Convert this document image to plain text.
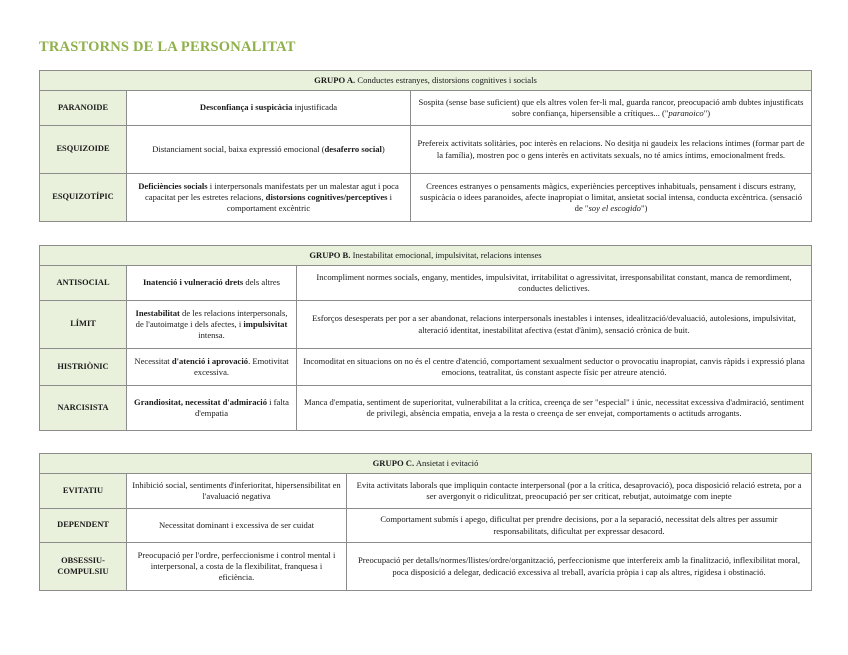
TRASTORNS DE LA PERSONALITAT
GRUPO A. Conductes estranyes, distorsions cognitives i socials		
PARANOIDE	Desconfiança i suspicàcia injustificada	Sospita (sense base suficient) que els altres volen fer-li mal, guarda rancor, preocupació amb dubtes injustificats sobre confiança, hipersensible a crítiques... ("paranoico")
ESQUIZOIDE	Distanciament social, baixa expressió emocional (desaferro social)	Prefereix activitats solitàries, poc interès en relacions. No desitja ni gaudeix les relacions íntimes (formar part de la família), mostren poc o gens interès en activitats sexuals, no té amics íntims, emocionalment freds.
ESQUIZOTÍPIC	Deficiències socials i interpersonals manifestats per un malestar agut i poca capacitat per les estretes relacions, distorsions cognitives/perceptives i comportament excèntric	Creences estranyes o pensaments màgics, experiències perceptives inhabituals, pensament i discurs estrany, suspicàcia o idees paranoides, afecte inapropiat o limitat, ansietat social intensa, conducta excèntrica. (sensació de "soy el escogido")
GRUPO B. Inestabilitat emocional, impulsivitat, relacions intenses		
ANTISOCIAL	Inatenció i vulneració drets dels altres	Incompliment normes socials, engany, mentides, impulsivitat, irritabilitat o agressivitat, irresponsabilitat constant, manca de remordiment, conductes delictives.
LÍMIT	Inestabilitat de les relacions interpersonals, de l'autoimatge i dels afectes, i impulsivitat intensa.	Esforços desesperats per por a ser abandonat, relacions interpersonals inestables i intenses, idealització/devaluació, autolesions, impulsivitat, alteració identitat, inestabilitat afectiva (estat d'ànim), sensació crònica de buit.
HISTRIÒNIC	Necessitat d'atenció i aprovació. Emotivitat excessiva.	Incomoditat en situacions on no és el centre d'atenció, comportament sexualment seductor o provocatiu inapropiat, canvis ràpids i expressió plana emocions, teatralitat, ús constant aspecte físic per atreure atenció.
NARCISISTA	Grandiositat, necessitat d'admiració i falta d'empatia	Manca d'empatia, sentiment de superioritat, vulnerabilitat a la crítica, creença de ser "especial" i únic, necessitat excessiva d'admiració, sentiment de privilegi, absència empatia, enveja a la resta o creença de ser envejat, comportaments o actituds arrogants.
GRUPO C. Ansietat i evitació		
EVITATIU	Inhibició social, sentiments d'inferioritat, hipersensibilitat en l'avaluació negativa	Evita activitats laborals que impliquin contacte interpersonal (por a la crítica, desaprovació), poca disposició relació estreta, por a ser avergonyit o ridiculitzat, preocupació per ser criticat, rebutjat, autoimatge com inepte
DEPENDENT	Necessitat dominant i excessiva de ser cuidat	Comportament submís i apego, dificultat per prendre decisions, por a la separació, necessitat dels altres per assumir responsabilitats, dificultat per expressar desacord.
OBSESSIU-
COMPULSIU	Preocupació per l'ordre, perfeccionisme i control mental i interpersonal, a costa de la flexibilitat, franquesa i eficiència.	Preocupació per detalls/normes/llistes/ordre/organització, perfeccionisme que interfereix amb la finalització, inflexibilitat moral, poca disposició a delegar, dedicació excessiva al treball, avarícia pròpia i cap als altres, rigidesa i obstinació.
